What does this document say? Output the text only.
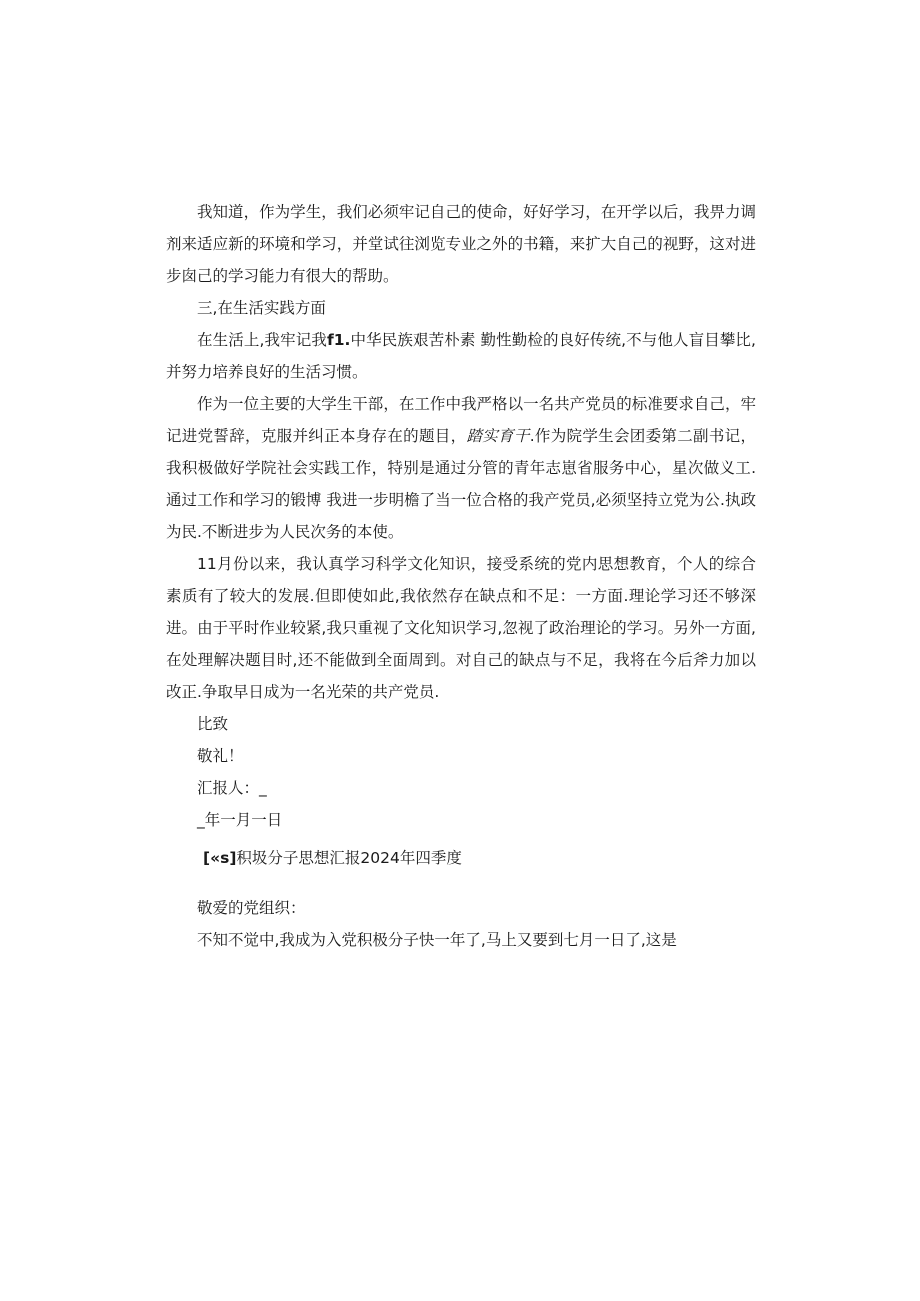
我知道，作为学生，我们必须牢记自己的使命，好好学习，在开学以后，我畀力调剂来适应新的环境和学习，并堂试往浏览专业之外的书籍，来扩大自己的视野，这对进步囱己的学习能力有很大的帮助。

三,在生活实践方面

在生活上,我牢记我f1.中华民族艰苦朴素 勤性勤检的良好传统,不与他人盲目攀比,并努力培养良好的生活习惯。

作为一位主要的大学生干部，在工作中我严格以一名共产党员的标准要求自己，牢记进党誓辞，克服并纠正本身存在的题目，踏实育干.作为院学生会团委第二副书记，我积极做好学院社会实践工作，特别是通过分管的青年志崽省服务中心，星次做义工.通过工作和学习的锻博 我进一步明檐了当一位合格的我产党员,必须坚持立党为公.执政为民.不断进步为人民次务的本使。

11月份以来，我认真学习科学文化知识，接受系统的党内思想教育，个人的综合素质有了较大的发展.但即使如此,我依然存在缺点和不足：一方面.理论学习还不够深进。由于平时作业较紧,我只重视了文化知识学习,忽视了政治理论的学习。另外一方面,在处理解决题目时,还不能做到全面周到。对自己的缺点与不足，我将在今后斧力加以改正.争取早日成为一名光荣的共产党员.

比致

敬礼！

汇报人：_

_年一月一日

[«s]积圾分子思想汇报2024年四季度

敬爱的党组织：

不知不觉中,我成为入党积极分子快一年了,马上又要到七月一日了,这是
